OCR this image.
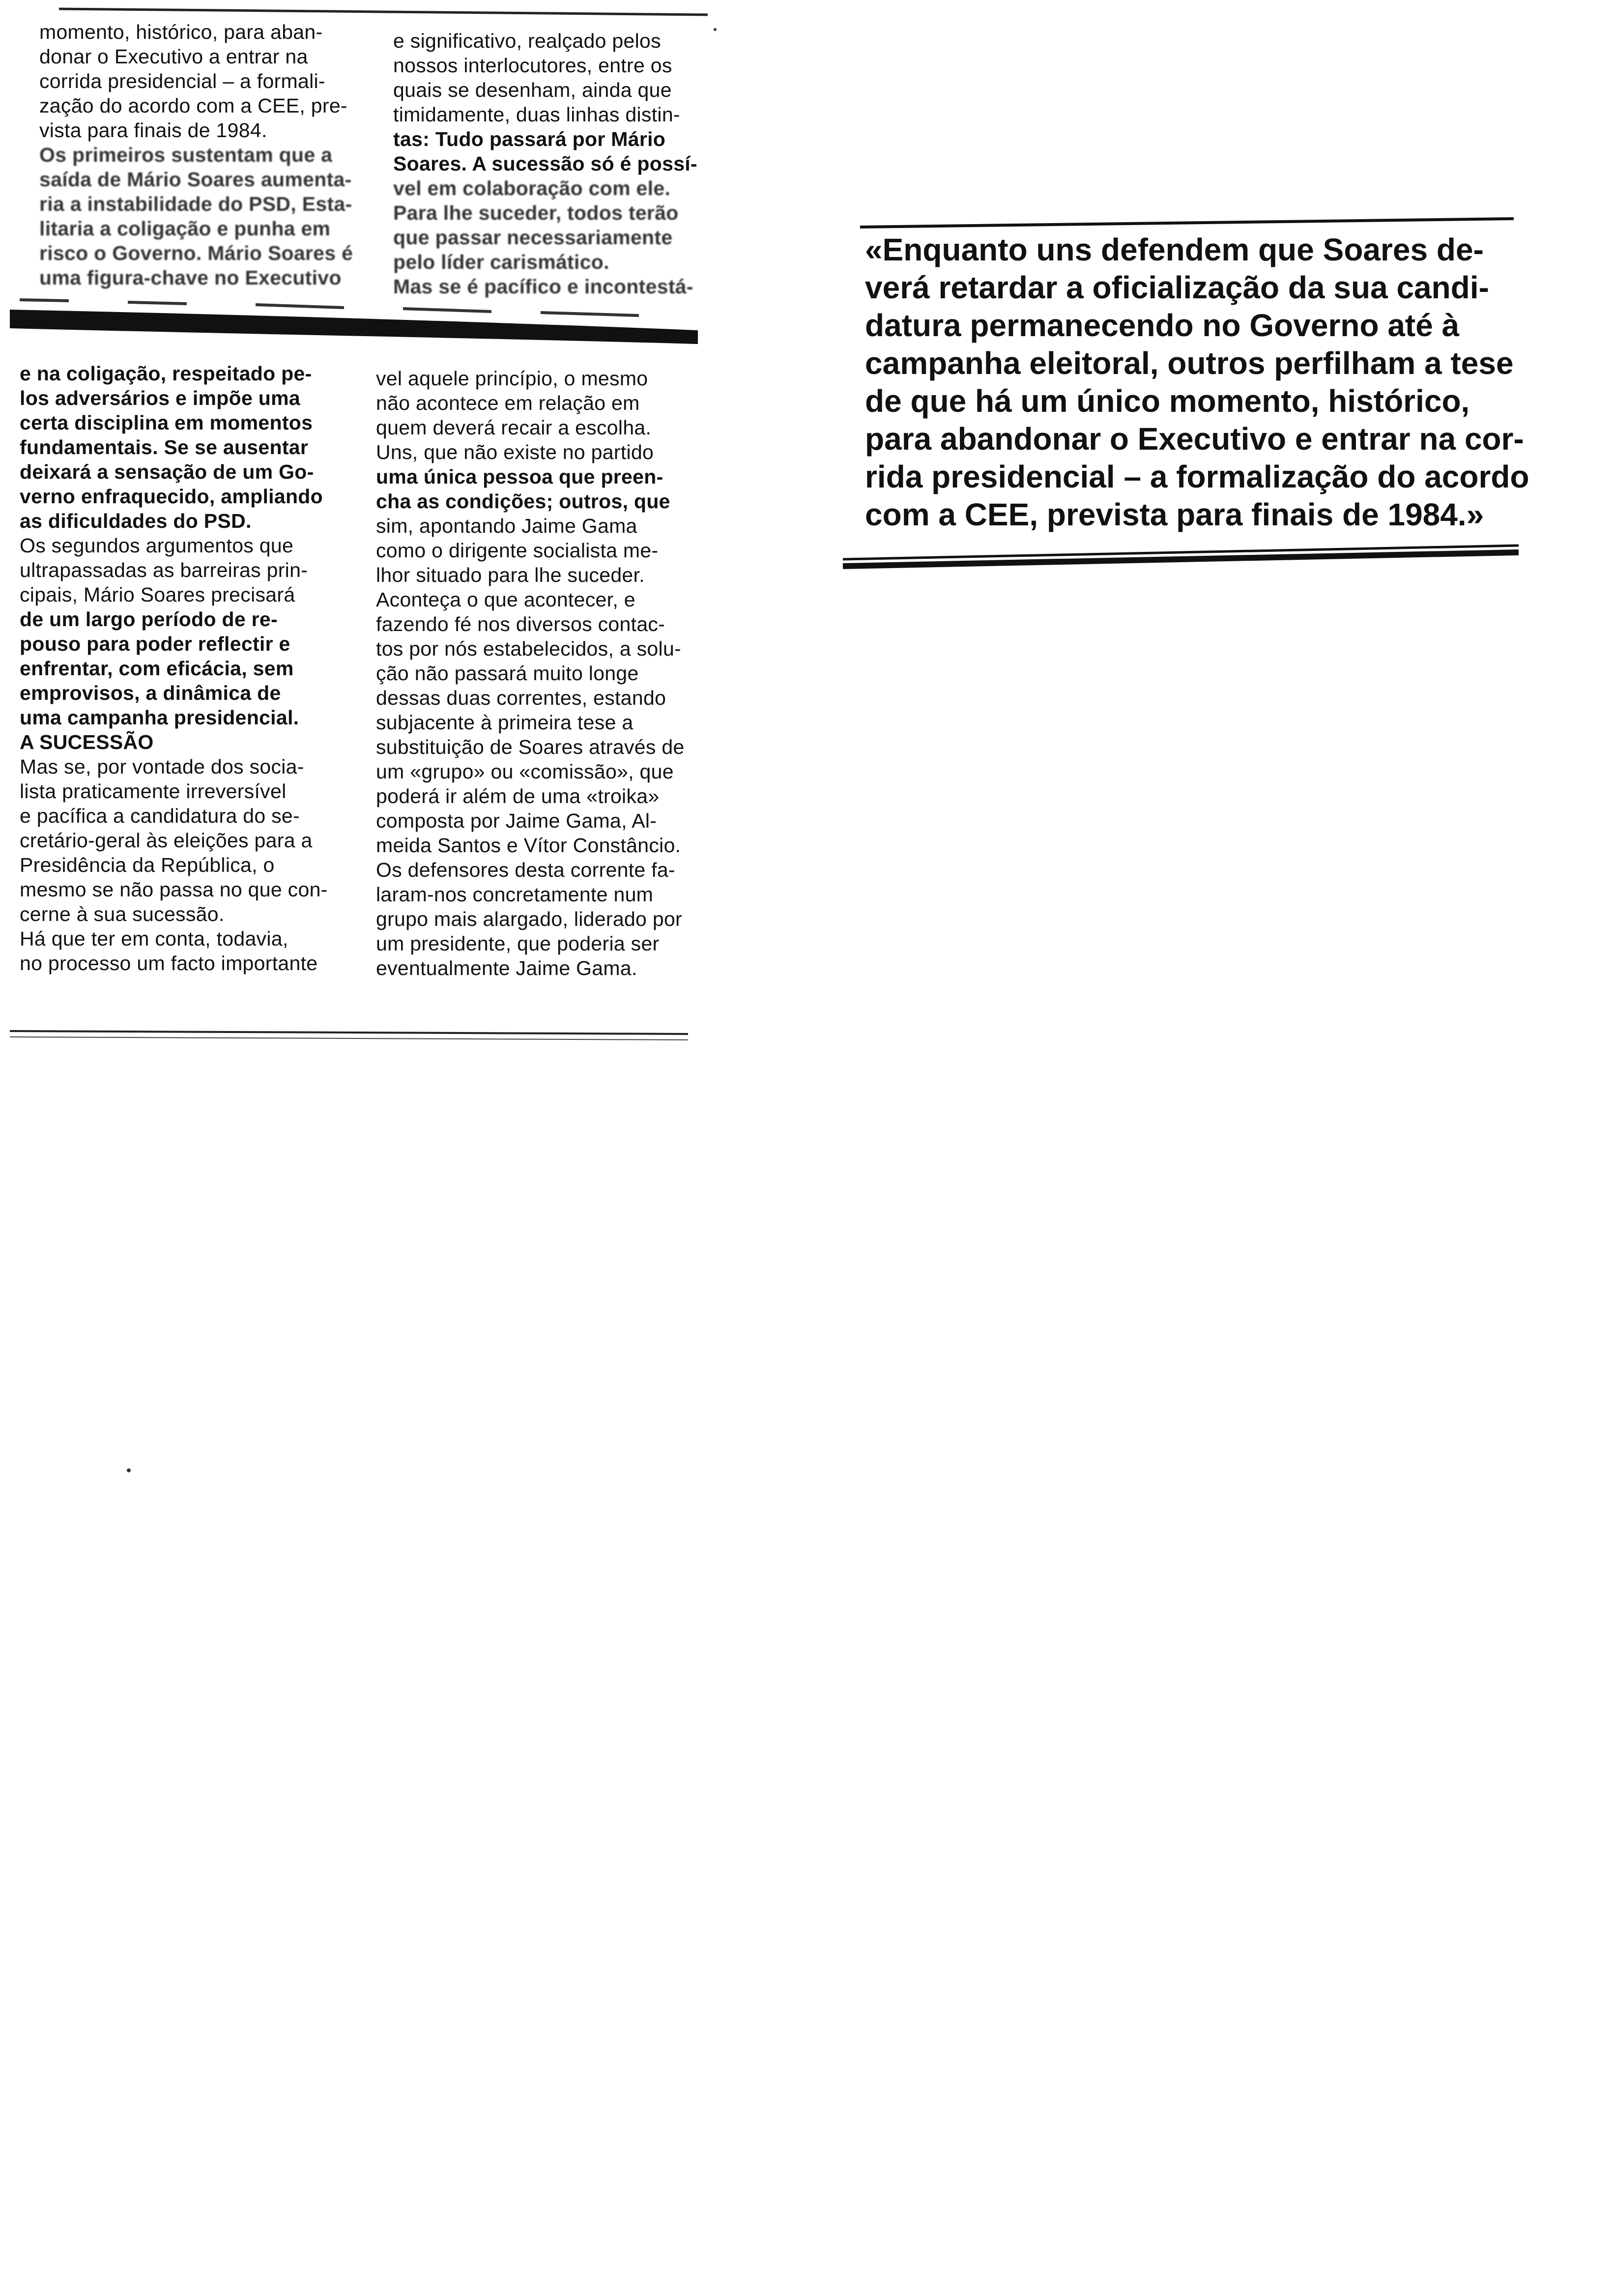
momento, histórico, para aban-
donar o Executivo a entrar na
corrida presidencial – a formali-
zação do acordo com a CEE, pre-
vista para finais de 1984.
Os primeiros sustentam que a
saída de Mário Soares aumenta-
ria a instabilidade do PSD, Esta-
litaria a coligação e punha em
risco o Governo. Mário Soares é
uma figura-chave no Executivo
e significativo, realçado pelos
nossos interlocutores, entre os
quais se desenham, ainda que
timidamente, duas linhas distin-
tas: Tudo passará por Mário
Soares. A sucessão só é possí-
vel em colaboração com ele.
Para lhe suceder, todos terão
que passar necessariamente
pelo líder carismático.
Mas se é pacífico e incontestá-
e na coligação, respeitado pe-
los adversários e impõe uma
certa disciplina em momentos
fundamentais. Se se ausentar
deixará a sensação de um Go-
verno enfraquecido, ampliando
as dificuldades do PSD.
Os segundos argumentos que
ultrapassadas as barreiras prin-
cipais, Mário Soares precisará
de um largo período de re-
pouso para poder reflectir e
enfrentar, com eficácia, sem
emprovisos, a dinâmica de
uma campanha presidencial.
A SUCESSÃO
Mas se, por vontade dos socia-
lista praticamente irreversível
e pacífica a candidatura do se-
cretário-geral às eleições para a
Presidência da República, o
mesmo se não passa no que con-
cerne à sua sucessão.
Há que ter em conta, todavia,
no processo um facto importante
vel aquele princípio, o mesmo
não acontece em relação em
quem deverá recair a escolha.
Uns, que não existe no partido
uma única pessoa que preen-
cha as condições; outros, que
sim, apontando Jaime Gama
como o dirigente socialista me-
lhor situado para lhe suceder.
Aconteça o que acontecer, e
fazendo fé nos diversos contac-
tos por nós estabelecidos, a solu-
ção não passará muito longe
dessas duas correntes, estando
subjacente à primeira tese a
substituição de Soares através de
um «grupo» ou «comissão», que
poderá ir além de uma «troika»
composta por Jaime Gama, Al-
meida Santos e Vítor Constâncio.
Os defensores desta corrente fa-
laram-nos concretamente num
grupo mais alargado, liderado por
um presidente, que poderia ser
eventualmente Jaime Gama.
«Enquanto uns defendem que Soares de-
verá retardar a oficialização da sua candi-
datura permanecendo no Governo até à
campanha eleitoral, outros perfilham a tese
de que há um único momento, histórico,
para abandonar o Executivo e entrar na cor-
rida presidencial – a formalização do acordo
com a CEE, prevista para finais de 1984.»
